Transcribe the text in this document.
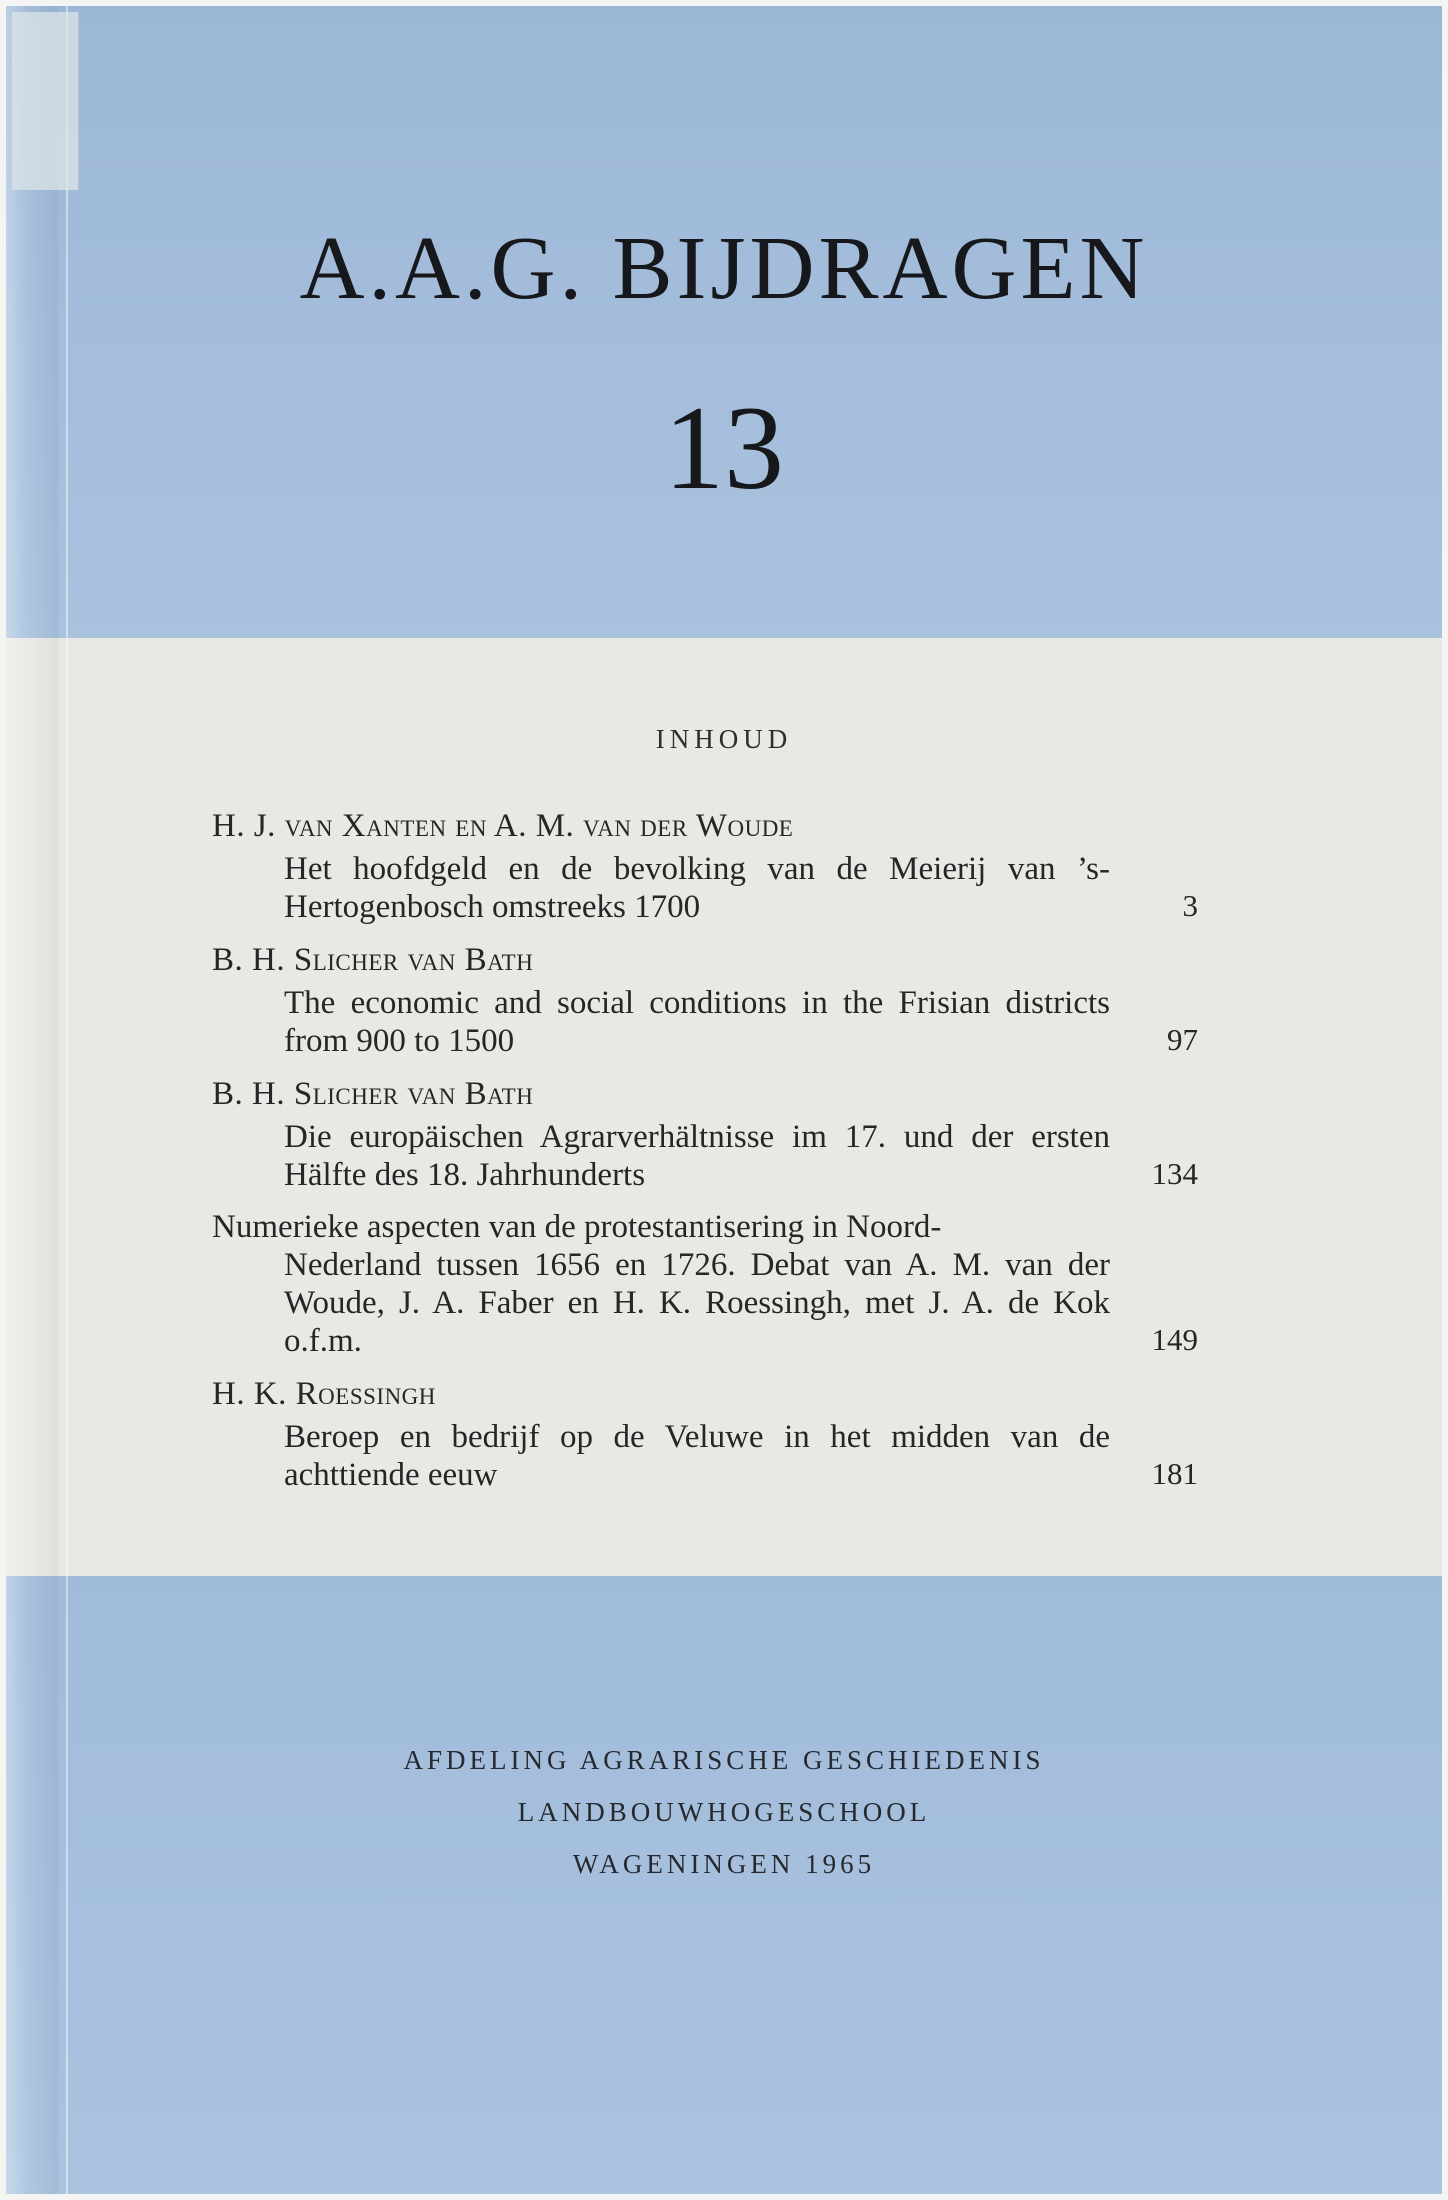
A.A.G. BIJDRAGEN
13
INHOUD
H. J. van Xanten en A. M. van der Woude
Het hoofdgeld en de bevolking van de Meierij van ’s-Hertogenbosch omstreeks 1700	3
B. H. Slicher van Bath
The economic and social conditions in the Frisian districts from 900 to 1500	97
B. H. Slicher van Bath
Die europäischen Agrarverhältnisse im 17. und der ersten Hälfte des 18. Jahrhunderts	134
Numerieke aspecten van de protestantisering in Noord-
Nederland tussen 1656 en 1726. Debat van A. M. van der Woude, J. A. Faber en H. K. Roessingh, met J. A. de Kok o.f.m.	149
H. K. Roessingh
Beroep en bedrijf op de Veluwe in het midden van de achttiende eeuw	181
AFDELING AGRARISCHE GESCHIEDENIS
LANDBOUWHOGESCHOOL
WAGENINGEN 1965
